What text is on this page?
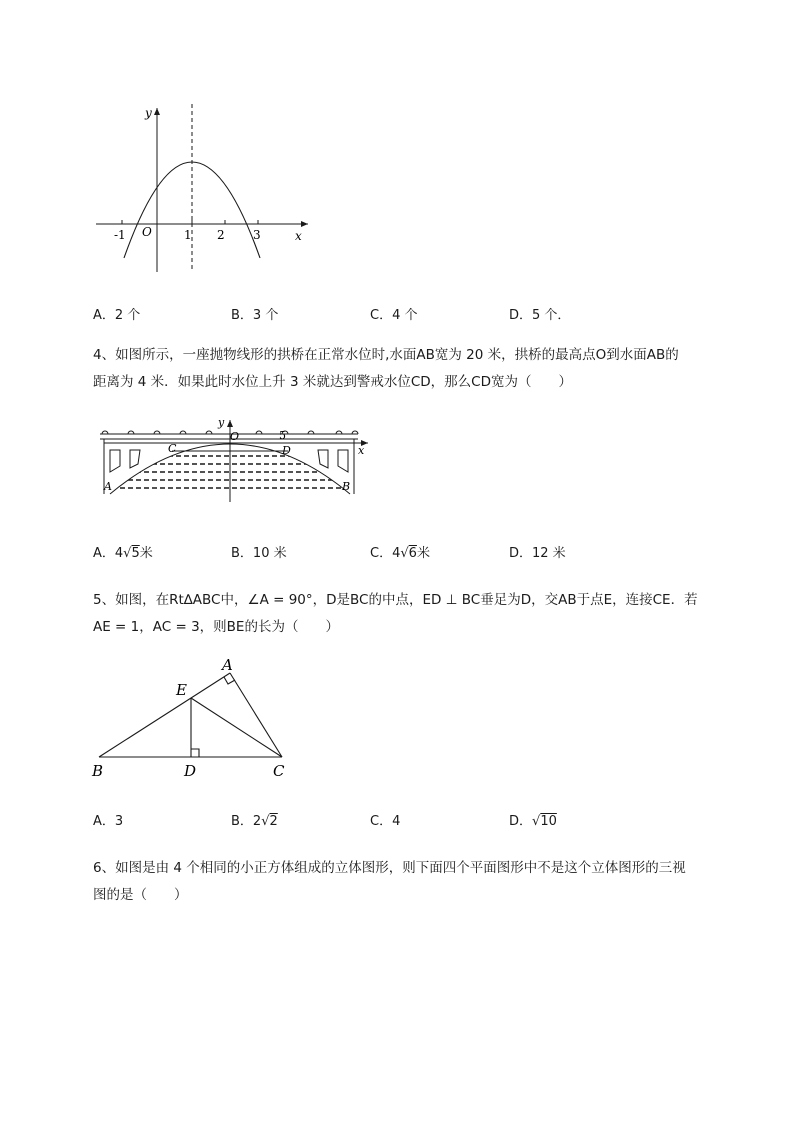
y
x
O
-1	1 2 3
A．2 个	B．3 个	C．4 个	D．5 个．
4、如图所示，一座抛物线形的拱桥在正常水位时,水面AB宽为 20 米，拱桥的最高点O到水面AB的
距离为 4 米．如果此时水位上升 3 米就达到警戒水位CD，那么CD宽为（　　）
y
O	5
C	D	x
A	B
A．4√5米	B．10 米	C．4√6米	D．12 米
5、如图，在Rt∆ABC中，∠A = 90°，D是BC的中点，ED ⊥ BC垂足为D，交AB于点E，连接CE．若
AE = 1，AC = 3，则BE的长为（　　）
A
E
B	D	C
A．3	B．2√2	C．4	D．√10
6、如图是由 4 个相同的小正方体组成的立体图形，则下面四个平面图形中不是这个立体图形的三视
图的是（　　）
